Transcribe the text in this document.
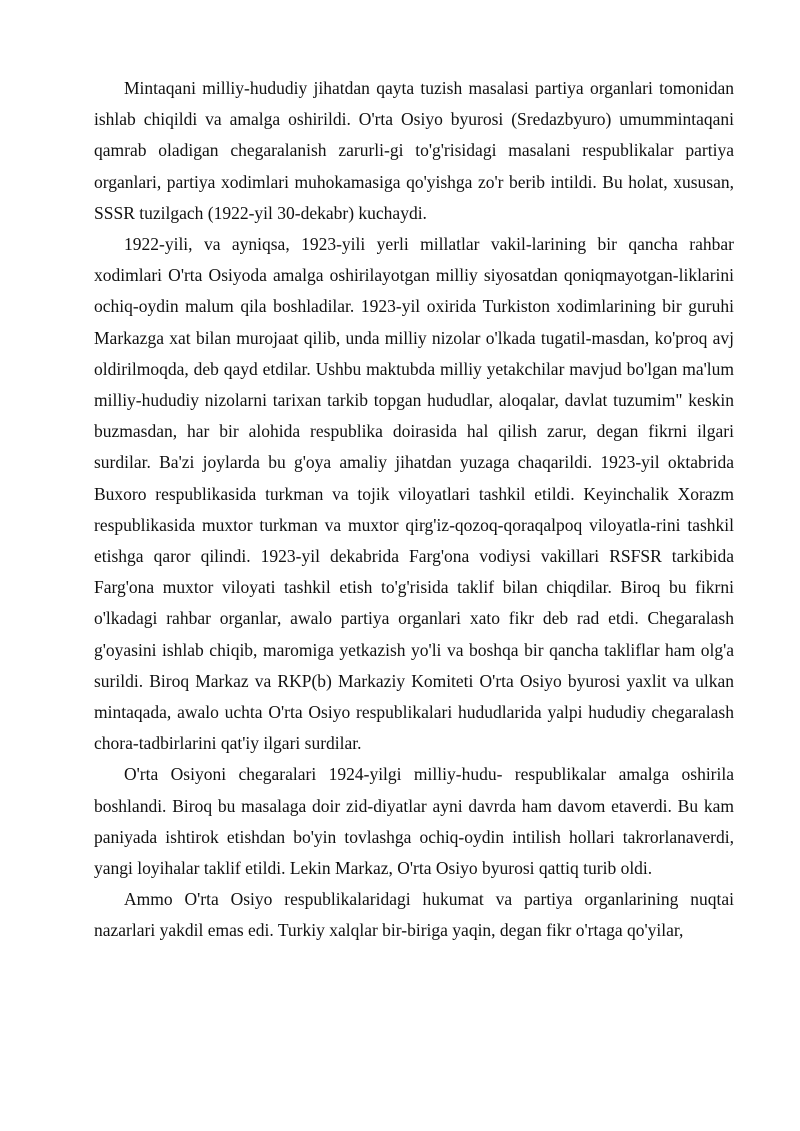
Mintaqani milliy-hududiy jihatdan qayta tuzish masalasi partiya organlari tomonidan ishlab chiqildi va amalga oshirildi. O'rta Osiyo byurosi (Sredazbyuro) umummintaqani qamrab oladigan chegaralanish zarurli-gi to'g'risidagi masalani respublikalar partiya organlari, partiya xodimlari muhokamasiga qo'yishga zo'r berib intildi. Bu holat, xususan, SSSR tuzilgach (1922-yil 30-dekabr) kuchaydi.

1922-yili, va ayniqsa, 1923-yili yerli millatlar vakil-larining bir qancha rahbar xodimlari O'rta Osiyoda amalga oshirilayotgan milliy siyosatdan qoniqmayotgan-liklarini ochiq-oydin malum qila boshladilar. 1923-yil oxirida Turkiston xodimlarining bir guruhi Markazga xat bilan murojaat qilib, unda milliy nizolar o'lkada tugatil-masdan, ko'proq avj oldirilmoqda, deb qayd etdilar. Ushbu maktubda milliy yetakchilar mavjud bo'lgan ma'lum milliy-hududiy nizolarni tarixan tarkib topgan hududlar, aloqalar, davlat tuzumim" keskin buzmasdan, har bir alohida respublika doirasida hal qilish zarur, degan fikrni ilgari surdilar. Ba'zi joylarda bu g'oya amaliy jihatdan yuzaga chaqarildi. 1923-yil oktabrida Buxoro respublikasida turkman va tojik viloyatlari tashkil etildi. Keyinchalik Xorazm respublikasida muxtor turkman va muxtor qirg'iz-qozoq-qoraqalpoq viloyatla-rini tashkil etishga qaror qilindi. 1923-yil dekabrida Farg'ona vodiysi vakillari RSFSR tarkibida Farg'ona muxtor viloyati tashkil etish to'g'risida taklif bilan chiqdilar. Biroq bu fikrni o'lkadagi rahbar organlar, awalo partiya organlari xato fikr deb rad etdi. Chegaralash g'oyasini ishlab chiqib, maromiga yetkazish yo'li va boshqa bir qancha takliflar ham olg'a surildi. Biroq Markaz va RKP(b) Markaziy Komiteti O'rta Osiyo byurosi yaxlit va ulkan mintaqada, awalo uchta O'rta Osiyo respublikalari hududlarida yalpi hududiy chegaralash chora-tadbirlarini qat'iy ilgari surdilar.

O'rta Osiyoni chegaralari 1924-yilgi milliy-hudu- respublikalar amalga oshirila boshlandi. Biroq bu masalaga doir zid-diyatlar ayni davrda ham davom etaverdi. Bu kam paniyada ishtirok etishdan bo'yin tovlashga ochiq-oydin intilish hollari takrorlanaverdi, yangi loyihalar taklif etildi. Lekin Markaz, O'rta Osiyo byurosi qattiq turib oldi.

Ammo O'rta Osiyo respublikalaridagi hukumat va partiya organlarining nuqtai nazarlari yakdil emas edi. Turkiy xalqlar bir-biriga yaqin, degan fikr o'rtaga qo'yilar,
